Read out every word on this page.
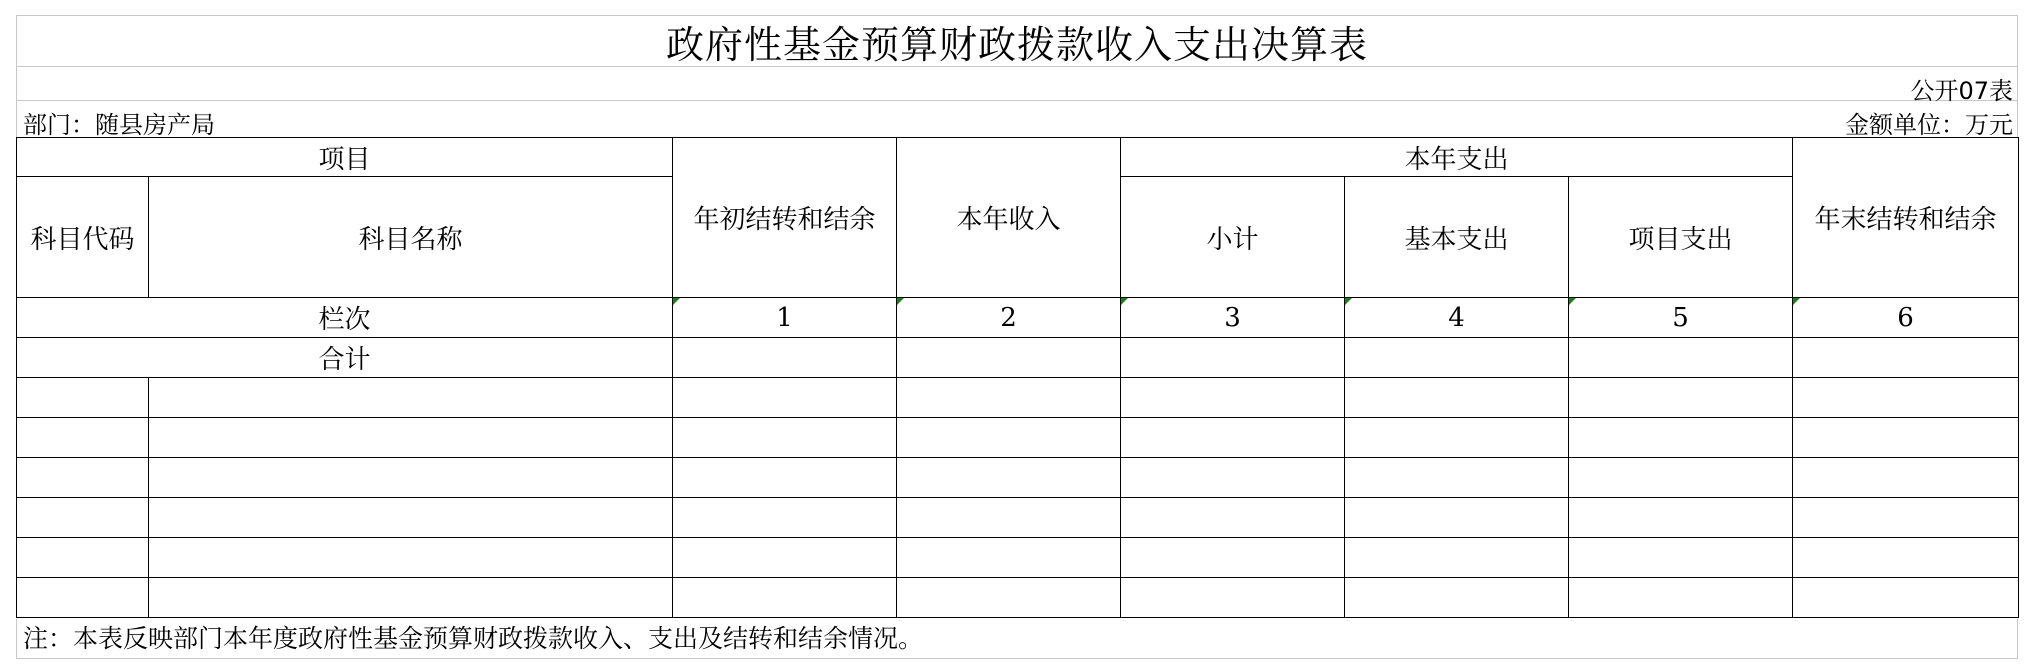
政府性基金预算财政拨款收入支出决算表
公开07表
部门：随县房产局	金额单位：万元
项目		年初结转和结余	本年收入	本年支出			年末结转和结余
科目代码	科目名称			小计	基本支出	项目支出	
栏次		1	2	3	4	5	6
合计							

注：本表反映部门本年度政府性基金预算财政拨款收入、支出及结转和结余情况。
